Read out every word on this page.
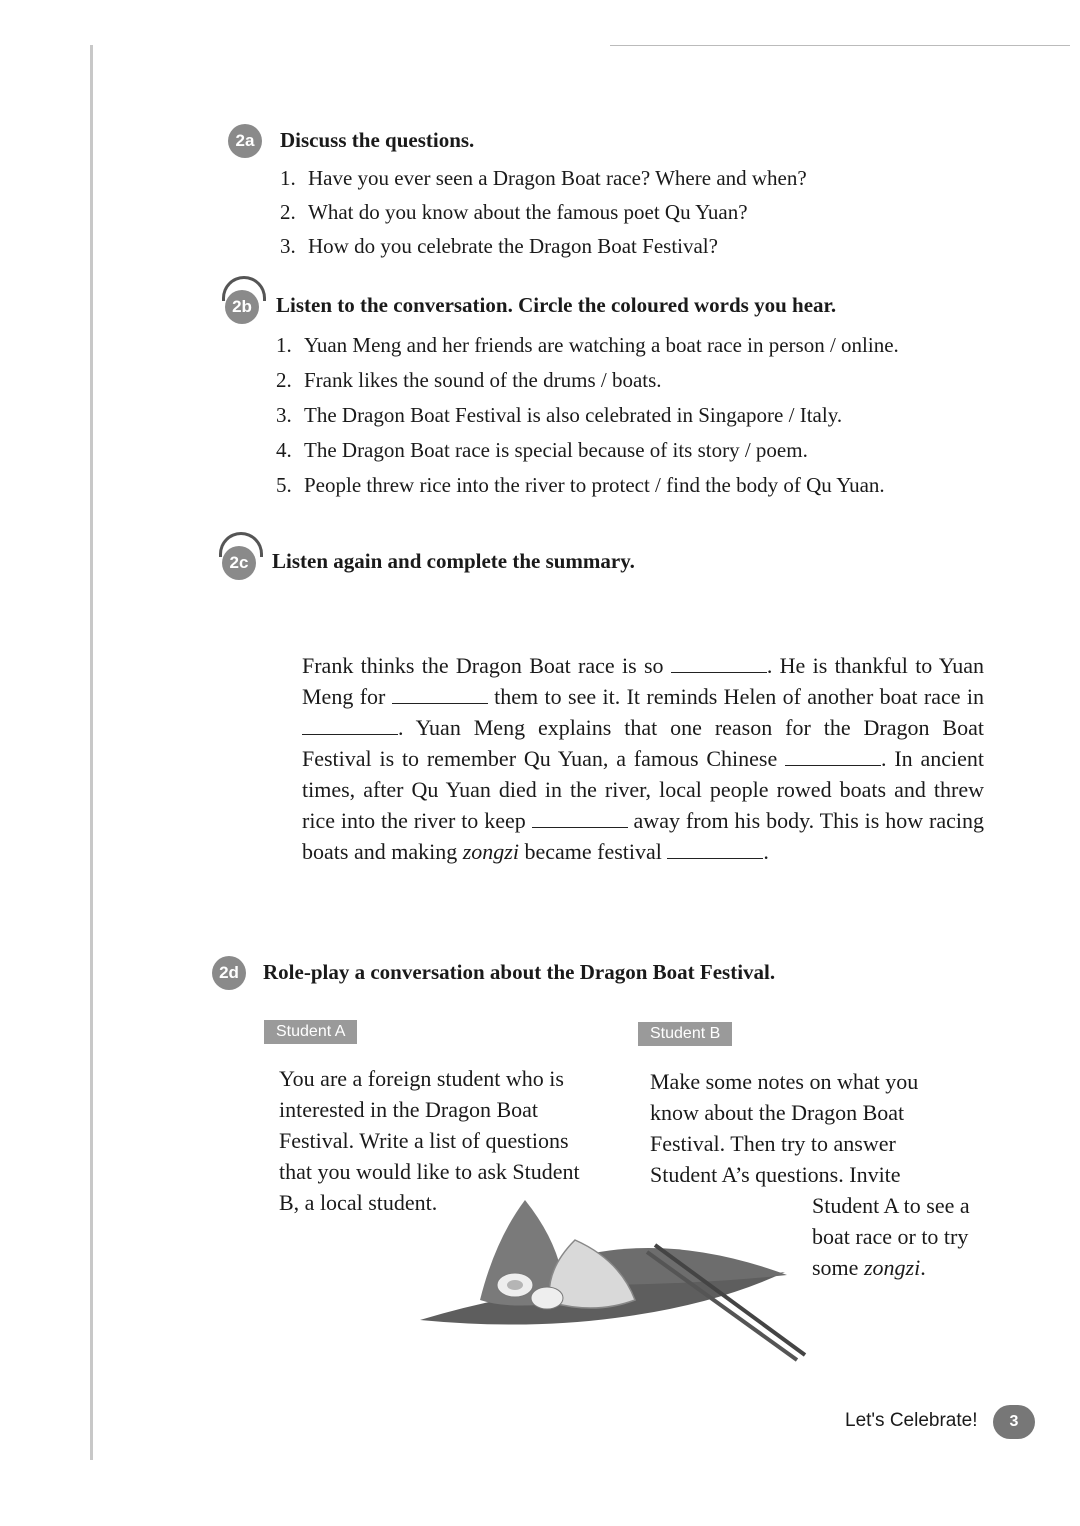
2a	Discuss the questions.
1. Have you ever seen a Dragon Boat race? Where and when?
2. What do you know about the famous poet Qu Yuan?
3. How do you celebrate the Dragon Boat Festival?
2b	Listen to the conversation. Circle the coloured words you hear.
1. Yuan Meng and her friends are watching a boat race in person / online.
2. Frank likes the sound of the drums / boats.
3. The Dragon Boat Festival is also celebrated in Singapore / Italy.
4. The Dragon Boat race is special because of its story / poem.
5. People threw rice into the river to protect / find the body of Qu Yuan.
2c	Listen again and complete the summary.

Frank thinks the Dragon Boat race is so	. He is thankful to Yuan Meng for	them to see it. It reminds Helen of another boat race in . Yuan Meng explains that one reason for the Dragon Boat Festival is to remember Qu Yuan, a famous Chinese	. In ancient times, after Qu Yuan died in the river, local people rowed boats and threw rice into the river to keep	away from his body. This is how racing boats and making zongzi became festival	.

2d	Role-play a conversation about the Dragon Boat Festival.
Student A
You are a foreign student who is interested in the Dragon Boat Festival. Write a list of questions that you would like to ask Student B, a local student.
Student B
Make some notes on what you know about the Dragon Boat Festival. Then try to answer Student A’s questions. Invite
Student A to see a boat race or to try some zongzi.
Let's Celebrate!	3
